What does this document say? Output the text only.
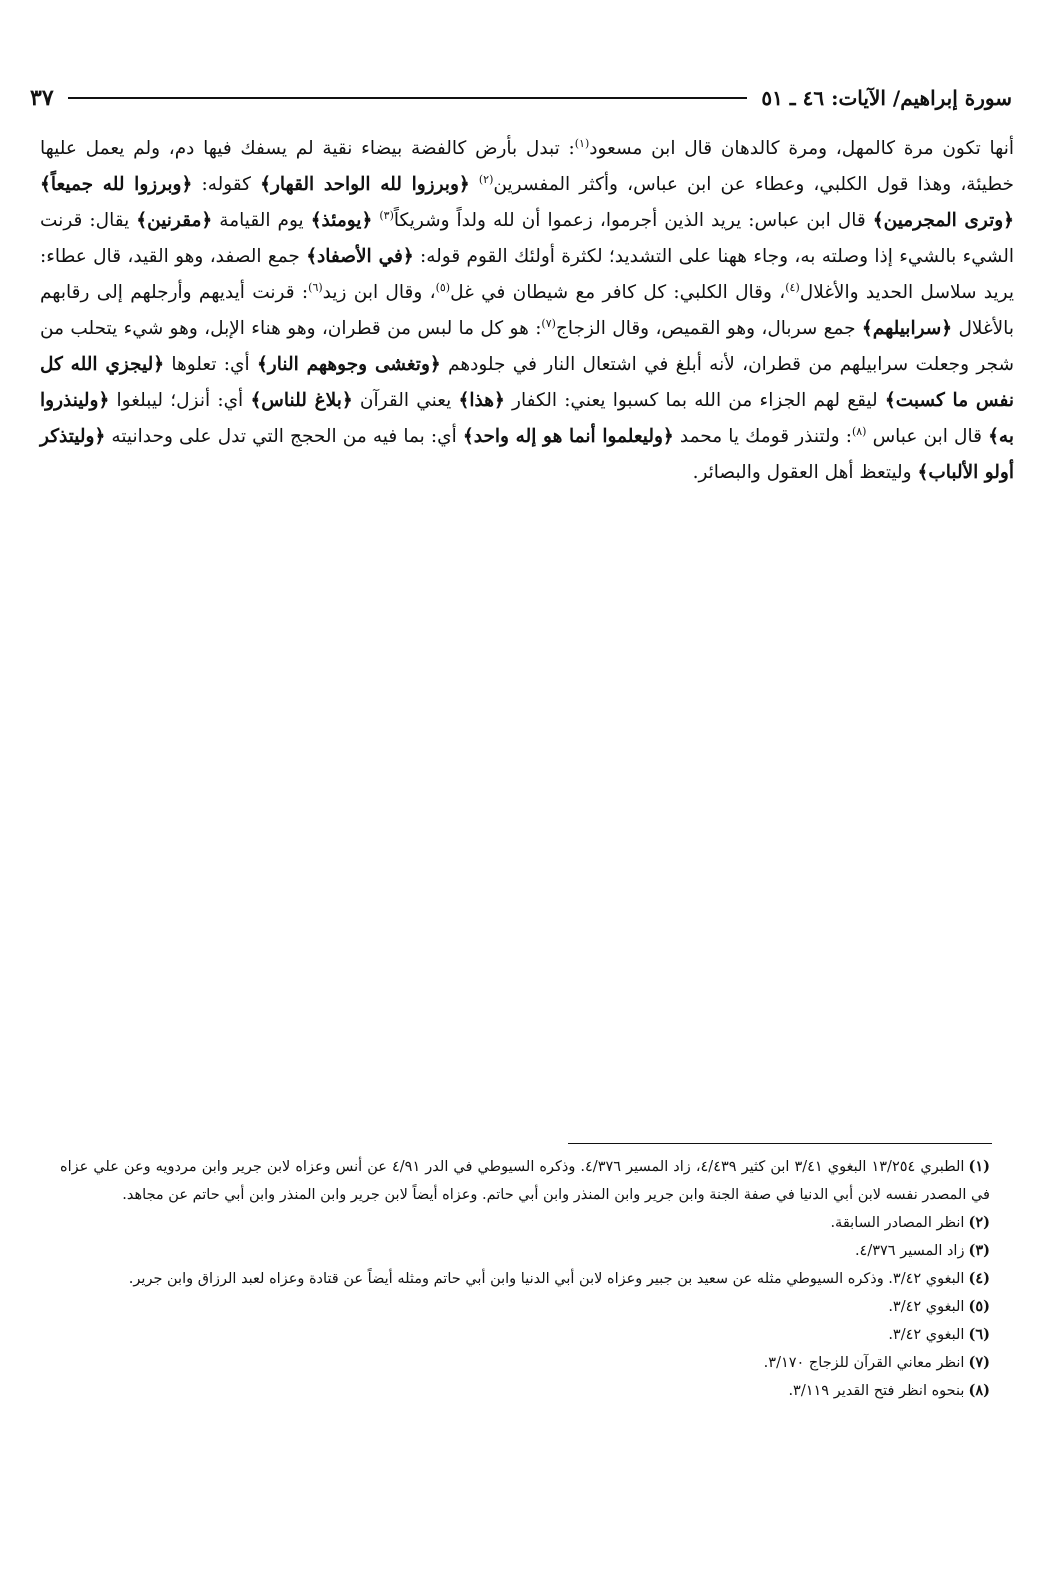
سورة إبراهيم/ الآيات: ٤٦ ـ ٥١
٣٧

أنها تكون مرة كالمهل، ومرة كالدهان قال ابن مسعود$^{(١)}$: تبدل بأرض كالفضة بيضاء نقية لم يسفك فيها دم، ولم يعمل عليها خطيئة، وهذا قول الكلبي، وعطاء عن ابن عباس، وأكثر المفسرين$^{(٢)}$ ﴿وبرزوا لله الواحد القهار﴾ كقوله: ﴿وبرزوا لله جميعاً﴾ ﴿وترى المجرمين﴾ قال ابن عباس: يريد الذين أجرموا، زعموا أن لله ولداً وشريكاً$^{(٣)}$ ﴿يومئذ﴾ يوم القيامة ﴿مقرنين﴾ يقال: قرنت الشيء بالشيء إذا وصلته به، وجاء ههنا على التشديد؛ لكثرة أولئك القوم قوله: ﴿في الأصفاد﴾ جمع الصفد، وهو القيد، قال عطاء: يريد سلاسل الحديد والأغلال$^{(٤)}$، وقال الكلبي: كل كافر مع شيطان في غل$^{(٥)}$، وقال ابن زيد$^{(٦)}$: قرنت أيديهم وأرجلهم إلى رقابهم بالأغلال ﴿سرابيلهم﴾ جمع سربال، وهو القميص، وقال الزجاج$^{(٧)}$: هو كل ما لبس من قطران، وهو هناء الإبل، وهو شيء يتحلب من شجر وجعلت سرابيلهم من قطران، لأنه أبلغ في اشتعال النار في جلودهم ﴿وتغشى وجوههم النار﴾ أي: تعلوها ﴿ليجزي الله كل نفس ما كسبت﴾ ليقع لهم الجزاء من الله بما كسبوا يعني: الكفار ﴿هذا﴾ يعني القرآن ﴿بلاغ للناس﴾ أي: أنزل؛ ليبلغوا ﴿ولينذروا به﴾ قال ابن عباس $^{(٨)}$: ولتنذر قومك يا محمد ﴿وليعلموا أنما هو إله واحد﴾ أي: بما فيه من الحجج التي تدل على وحدانيته ﴿وليتذكر أولو الألباب﴾ وليتعظ أهل العقول والبصائر.

(١)الطبري ١٣/٢٥٤ البغوي ٣/٤١ ابن كثير ٤/٤٣٩، زاد المسير ٤/٣٧٦. وذكره السيوطي في الدر ٤/٩١ عن أنس وعزاه لابن جرير وابن مردويه وعن علي عزاه في المصدر نفسه لابن أبي الدنيا في صفة الجنة وابن جرير وابن المنذر وابن أبي حاتم. وعزاه أيضاً لابن جرير وابن المنذر وابن أبي حاتم عن مجاهد.

(٢)انظر المصادر السابقة.

(٣)زاد المسير ٤/٣٧٦.

(٤)البغوي ٣/٤٢. وذكره السيوطي مثله عن سعيد بن جبير وعزاه لابن أبي الدنيا وابن أبي حاتم ومثله أيضاً عن قتادة وعزاه لعبد الرزاق وابن جرير.

(٥)البغوي ٣/٤٢.

(٦)البغوي ٣/٤٢.

(٧)انظر معاني القرآن للزجاج ٣/١٧٠.

(٨)بنحوه انظر فتح القدير ٣/١١٩.
